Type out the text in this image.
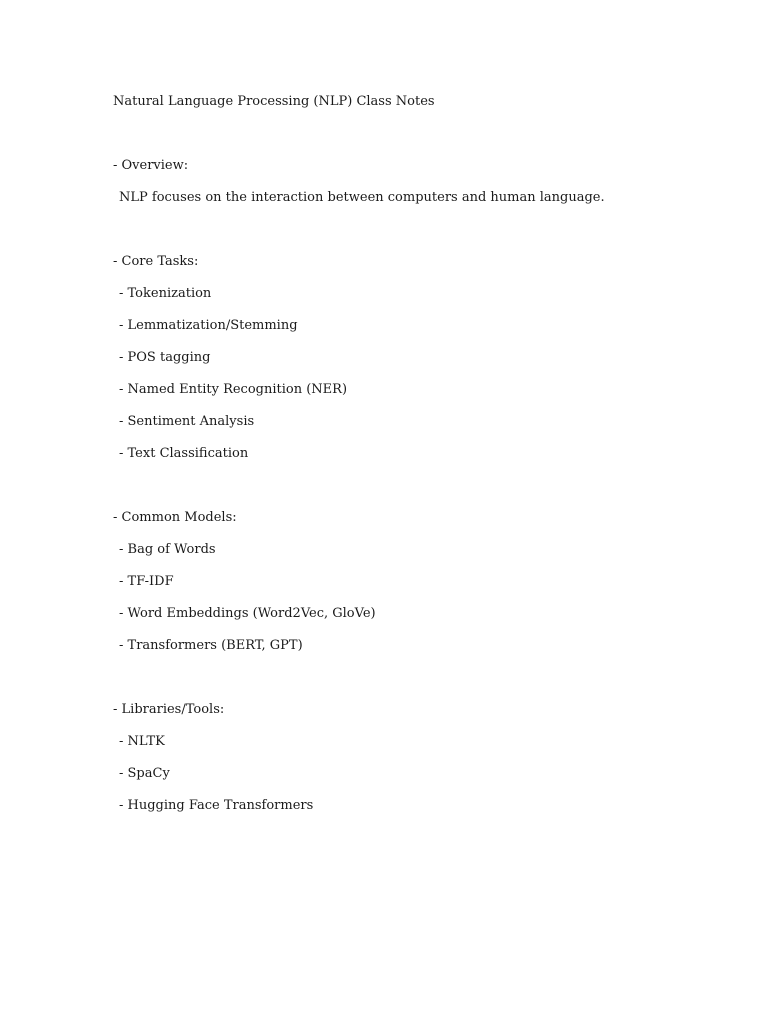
Natural Language Processing (NLP) Class Notes

- Overview:

NLP focuses on the interaction between computers and human language.

- Core Tasks:

- Tokenization

- Lemmatization/Stemming

- POS tagging

- Named Entity Recognition (NER)

- Sentiment Analysis

- Text Classification

- Common Models:

- Bag of Words

- TF-IDF

- Word Embeddings (Word2Vec, GloVe)

- Transformers (BERT, GPT)

- Libraries/Tools:

- NLTK

- SpaCy

- Hugging Face Transformers
